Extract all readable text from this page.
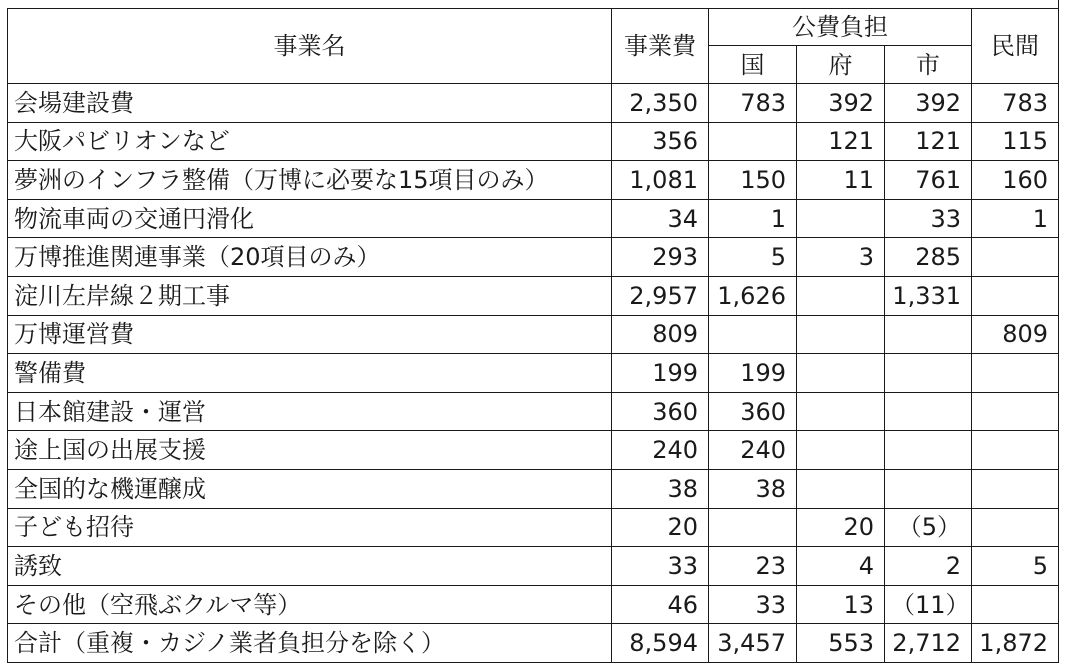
事業名	事業費	公費負担			民間
		国	府	市	
会場建設費	2,350	783	392	392	783
大阪パビリオンなど	356		121	121	115
夢洲のインフラ整備（万博に必要な15項目のみ）	1,081	150	11	761	160
物流車両の交通円滑化	34	1		33	1
万博推進関連事業（20項目のみ）	293	5	3	285	
淀川左岸線２期工事	2,957	1,626		1,331	
万博運営費	809				809
警備費	199	199			
日本館建設・運営	360	360			
途上国の出展支援	240	240			
全国的な機運醸成	38	38			
子ども招待	20		20	（5）	
誘致	33	23	4	2	5
その他（空飛ぶクルマ等）	46	33	13	（11）	
合計（重複・カジノ業者負担分を除く）	8,594	3,457	553	2,712	1,872
